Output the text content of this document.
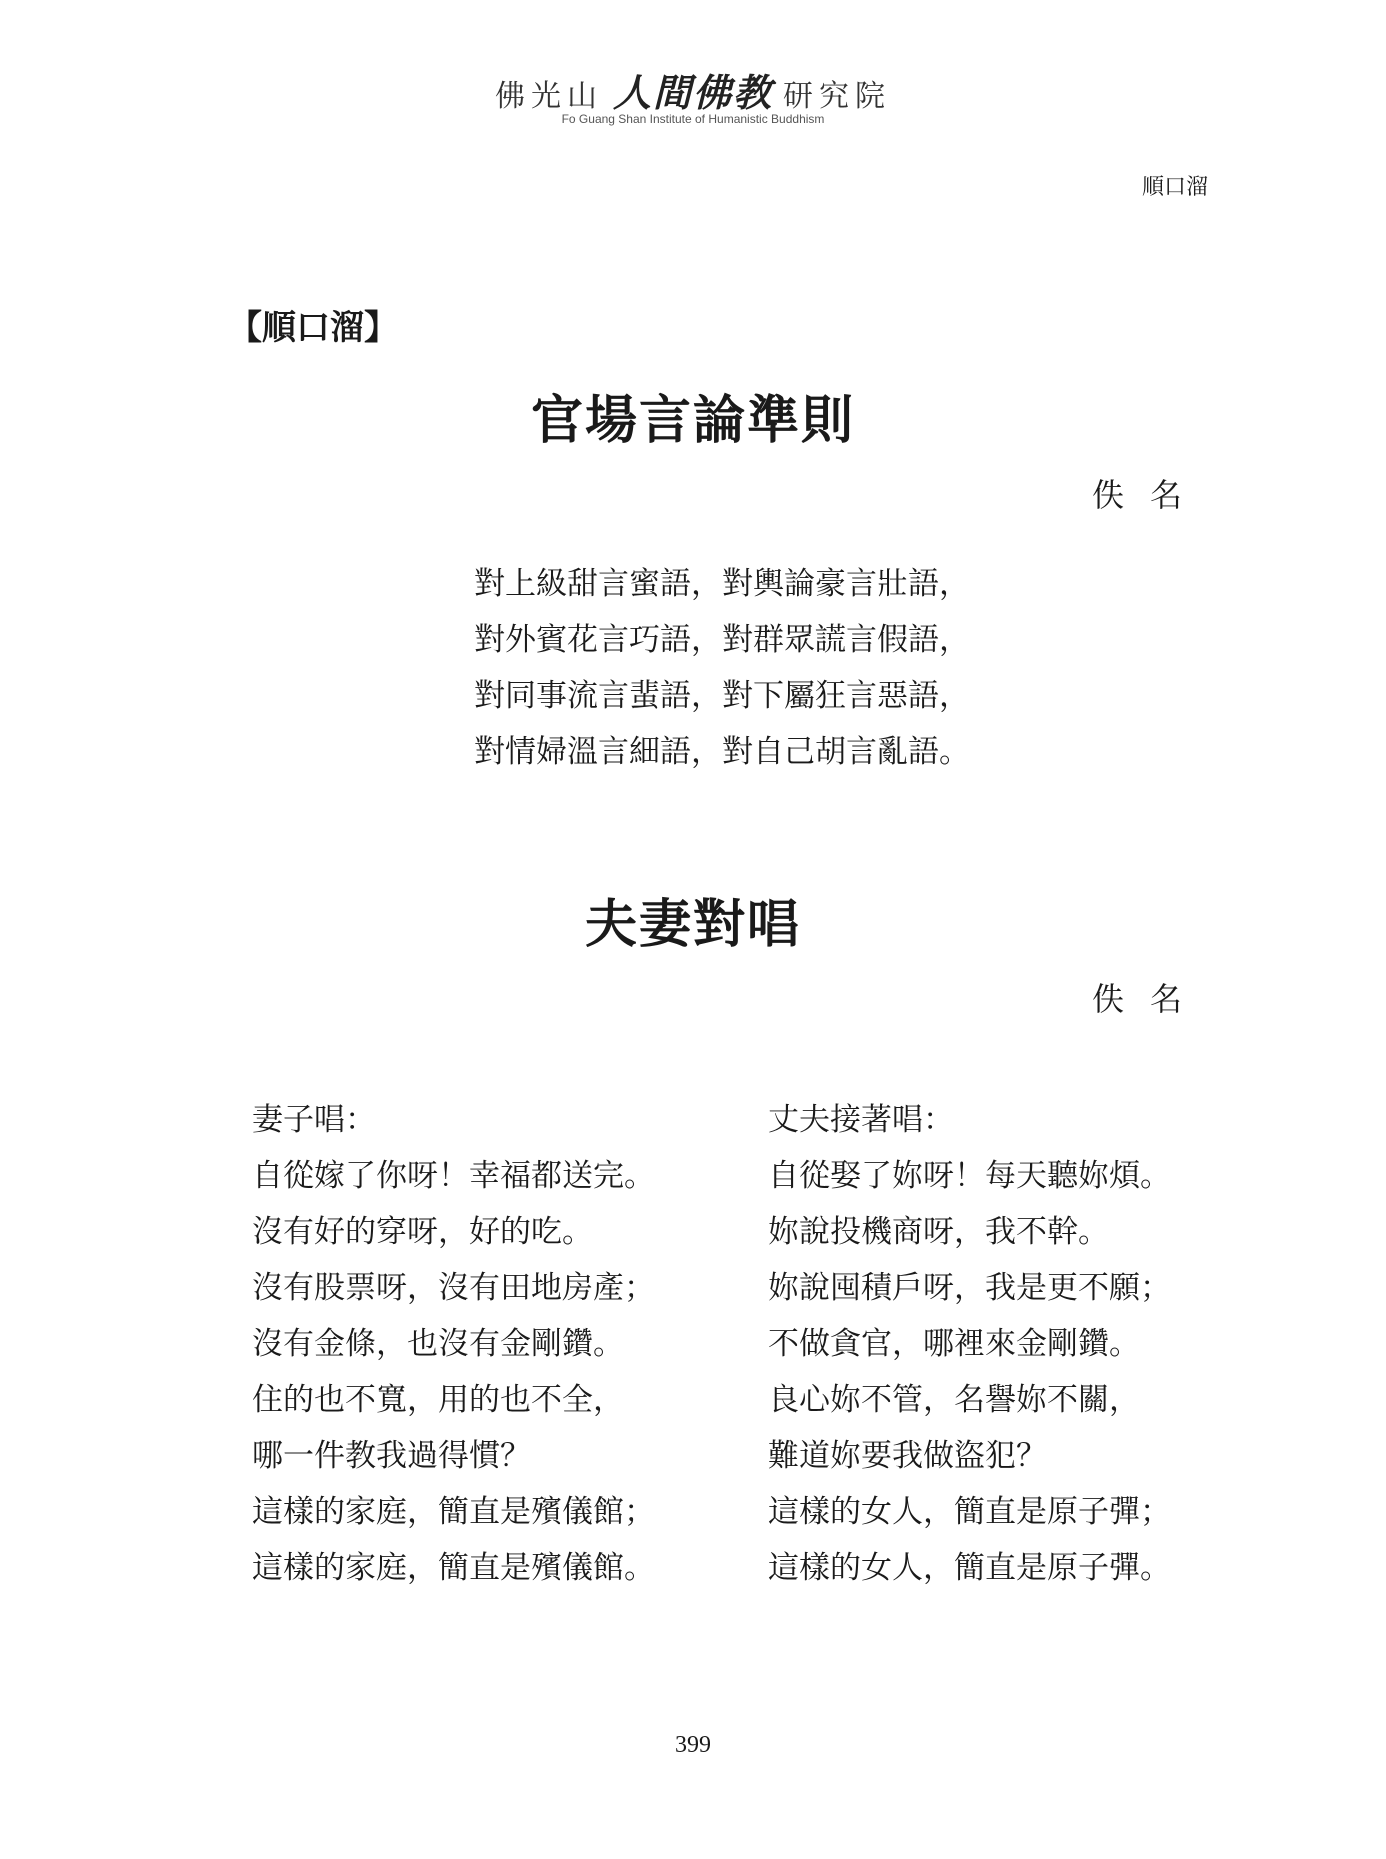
佛光山 人間佛教 研究院
Fo Guang Shan Institute of Humanistic Buddhism
順口溜
【順口溜】
官場言論準則
佚名
對上級甜言蜜語，對輿論豪言壯語，
對外賓花言巧語，對群眾謊言假語，
對同事流言蜚語，對下屬狂言惡語，
對情婦溫言細語，對自己胡言亂語。
夫妻對唱
佚名
妻子唱：
自從嫁了你呀！幸福都送完。
沒有好的穿呀，好的吃。
沒有股票呀，沒有田地房產；
沒有金條，也沒有金剛鑽。
住的也不寬，用的也不全，
哪一件教我過得慣？
這樣的家庭，簡直是殯儀館；
這樣的家庭，簡直是殯儀館。
丈夫接著唱：
自從娶了妳呀！每天聽妳煩。
妳說投機商呀，我不幹。
妳說囤積戶呀，我是更不願；
不做貪官，哪裡來金剛鑽。
良心妳不管，名譽妳不關，
難道妳要我做盜犯？
這樣的女人，簡直是原子彈；
這樣的女人，簡直是原子彈。
399
